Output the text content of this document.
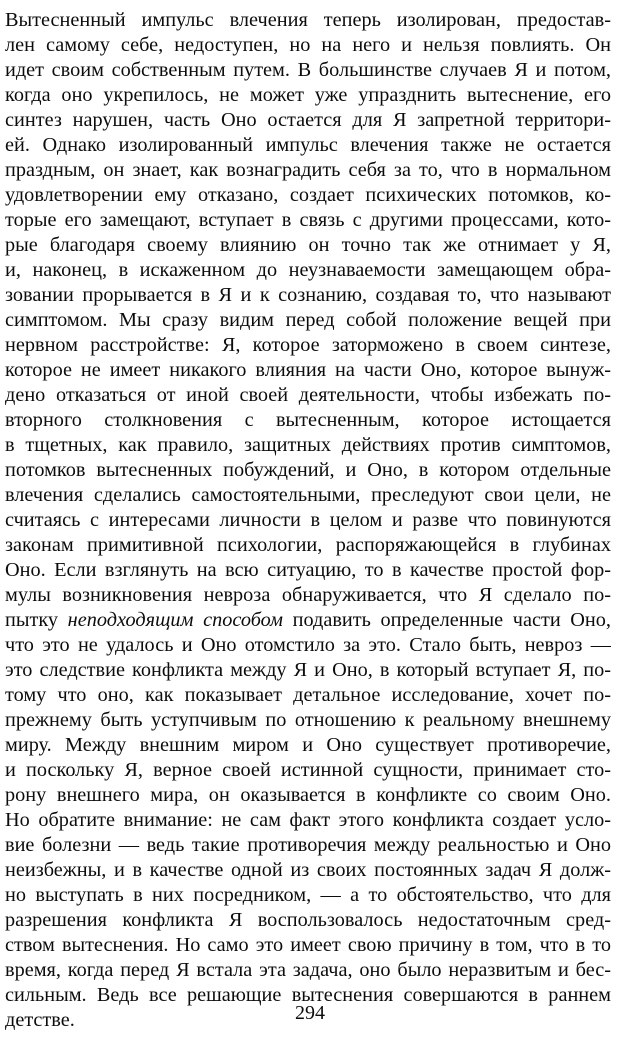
Вытесненный импульс влечения теперь изолирован, предостав-
лен самому себе, недоступен, но на него и нельзя повлиять. Он
идет своим собственным путем. В большинстве случаев Я и потом,
когда оно укрепилось, не может уже упразднить вытеснение, его
синтез нарушен, часть Оно остается для Я запретной территори-
ей. Однако изолированный импульс влечения также не остается
праздным, он знает, как вознаградить себя за то, что в нормальном
удовлетворении ему отказано, создает психических потомков, ко-
торые его замещают, вступает в связь с другими процессами, кото-
рые благодаря своему влиянию он точно так же отнимает у Я,
и, наконец, в искаженном до неузнаваемости замещающем обра-
зовании прорывается в Я и к сознанию, создавая то, что называют
симптомом. Мы сразу видим перед собой положение вещей при
нервном расстройстве: Я, которое заторможено в своем синтезе,
которое не имеет никакого влияния на части Оно, которое вынуж-
дено отказаться от иной своей деятельности, чтобы избежать по-
вторного столкновения с вытесненным, которое истощается
в тщетных, как правило, защитных действиях против симптомов,
потомков вытесненных побуждений, и Оно, в котором отдельные
влечения сделались самостоятельными, преследуют свои цели, не
считаясь с интересами личности в целом и разве что повинуются
законам примитивной психологии, распоряжающейся в глубинах
Оно. Если взглянуть на всю ситуацию, то в качестве простой фор-
мулы возникновения невроза обнаруживается, что Я сделало по-
пытку неподходящим способом подавить определенные части Оно,
что это не удалось и Оно отомстило за это. Стало быть, невроз —
это следствие конфликта между Я и Оно, в который вступает Я, по-
тому что оно, как показывает детальное исследование, хочет по-
прежнему быть уступчивым по отношению к реальному внешнему
миру. Между внешним миром и Оно существует противоречие,
и поскольку Я, верное своей истинной сущности, принимает сто-
рону внешнего мира, он оказывается в конфликте со своим Оно.
Но обратите внимание: не сам факт этого конфликта создает усло-
вие болезни — ведь такие противоречия между реальностью и Оно
неизбежны, и в качестве одной из своих постоянных задач Я долж-
но выступать в них посредником, — а то обстоятельство, что для
разрешения конфликта Я воспользовалось недостаточным сред-
ством вытеснения. Но само это имеет свою причину в том, что в то
время, когда перед Я встала эта задача, оно было неразвитым и бес-
сильным. Ведь все решающие вытеснения совершаются в раннем
детстве.	294
